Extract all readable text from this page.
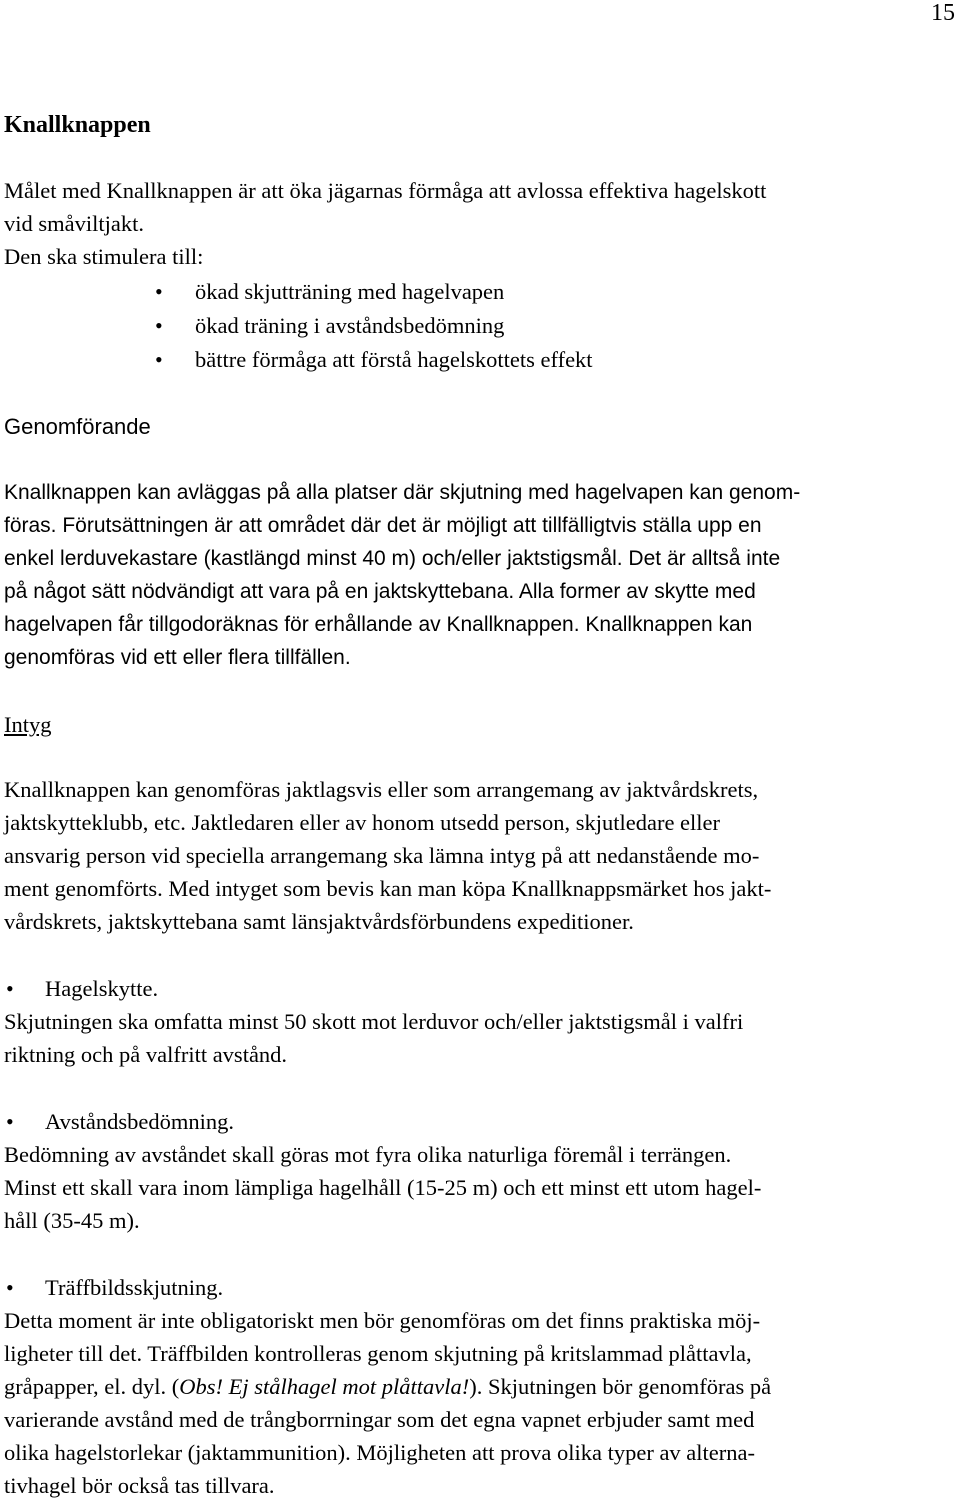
15
Knallknappen
Målet med Knallknappen är att öka jägarnas förmåga att avlossa effektiva hagelskott
vid småviltjakt.
Den ska stimulera till:
•
ökad skjutträning med hagelvapen
•
ökad träning i avståndsbedömning
•
bättre förmåga att förstå hagelskottets effekt
Genomförande
Knallknappen kan avläggas på alla platser där skjutning med hagelvapen kan genom-
föras. Förutsättningen är att området där det är möjligt att tillfälligtvis ställa upp en
enkel lerduvekastare (kastlängd minst 40 m) och/eller jaktstigsmål. Det är alltså inte
på något sätt nödvändigt att vara på en jaktskyttebana. Alla former av skytte med
hagelvapen får tillgodoräknas för erhållande av Knallknappen. Knallknappen kan
genomföras vid ett eller flera tillfällen.
Intyg
Knallknappen kan genomföras jaktlagsvis eller som arrangemang av jaktvårdskrets,
jaktskytteklubb, etc. Jaktledaren eller av honom utsedd person, skjutledare eller
ansvarig person vid speciella arrangemang ska lämna intyg på att nedanstående mo-
ment genomförts. Med intyget som bevis kan man köpa Knallknappsmärket hos jakt-
vårdskrets, jaktskyttebana samt länsjaktvårdsförbundens expeditioner.
•
Hagelskytte.
Skjutningen ska omfatta minst 50 skott mot lerduvor och/eller jaktstigsmål i valfri
riktning och på valfritt avstånd.
•
Avståndsbedömning.
Bedömning av avståndet skall göras mot fyra olika naturliga föremål i terrängen.
Minst ett skall vara inom lämpliga hagelhåll (15-25 m) och ett minst ett utom hagel-
håll (35-45 m).
•
Träffbildsskjutning.
Detta moment är inte obligatoriskt men bör genomföras om det finns praktiska möj-
ligheter till det. Träffbilden kontrolleras genom skjutning på kritslammad plåttavla,
gråpapper, el. dyl. (Obs! Ej stålhagel mot plåttavla!). Skjutningen bör genomföras på
varierande avstånd med de trångborrningar som det egna vapnet erbjuder samt med
olika hagelstorlekar (jaktammunition). Möjligheten att prova olika typer av alterna-
tivhagel bör också tas tillvara.
